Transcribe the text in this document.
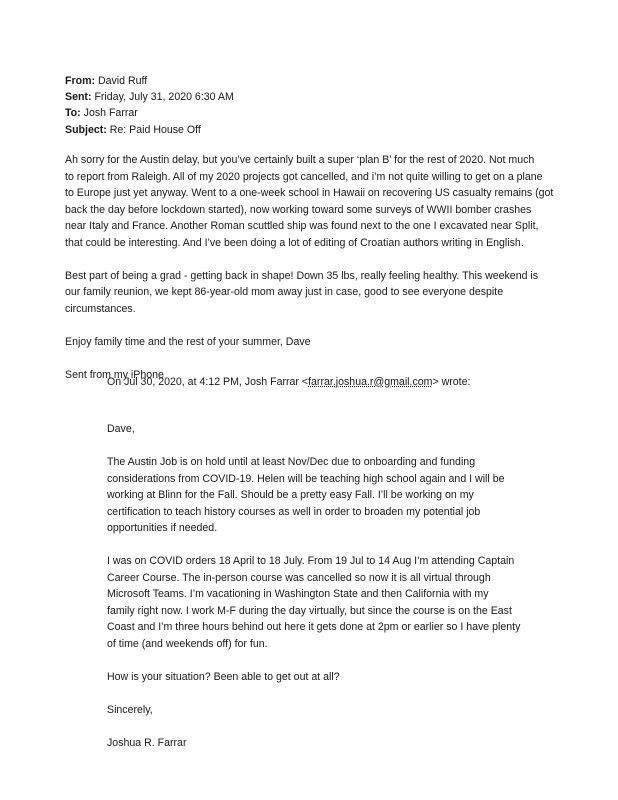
From: David Ruff
Sent: Friday, July 31, 2020 6:30 AM
To: Josh Farrar
Subject: Re: Paid House Off

Ah sorry for the Austin delay, but you’ve certainly built a super ‘plan B’ for the rest of 2020. Not much
to report from Raleigh. All of my 2020 projects got cancelled, and i’m not quite willing to get on a plane
to Europe just yet anyway. Went to a one-week school in Hawaii on recovering US casualty remains (got
back the day before lockdown started), now working toward some surveys of WWII bomber crashes
near Italy and France. Another Roman scuttled ship was found next to the one I excavated near Split,
that could be interesting. And I’ve been doing a lot of editing of Croatian authors writing in English.

Best part of being a grad - getting back in shape! Down 35 lbs, really feeling healthy. This weekend is
our family reunion, we kept 86-year-old mom away just in case, good to see everyone despite
circumstances.

Enjoy family time and the rest of your summer, Dave

Sent from my iPhone

On Jul 30, 2020, at 4:12 PM, Josh Farrar <farrar.joshua.r@gmail.com> wrote:

Dave,

The Austin Job is on hold until at least Nov/Dec due to onboarding and funding
considerations from COVID-19. Helen will be teaching high school again and I will be
working at Blinn for the Fall. Should be a pretty easy Fall. I’ll be working on my
certification to teach history courses as well in order to broaden my potential job
opportunities if needed.

I was on COVID orders 18 April to 18 July. From 19 Jul to 14 Aug I’m attending Captain
Career Course. The in-person course was cancelled so now it is all virtual through
Microsoft Teams. I’m vacationing in Washington State and then California with my
family right now. I work M-F during the day virtually, but since the course is on the East
Coast and I’m three hours behind out here it gets done at 2pm or earlier so I have plenty
of time (and weekends off) for fun.

How is your situation? Been able to get out at all?

Sincerely,

Joshua R. Farrar
